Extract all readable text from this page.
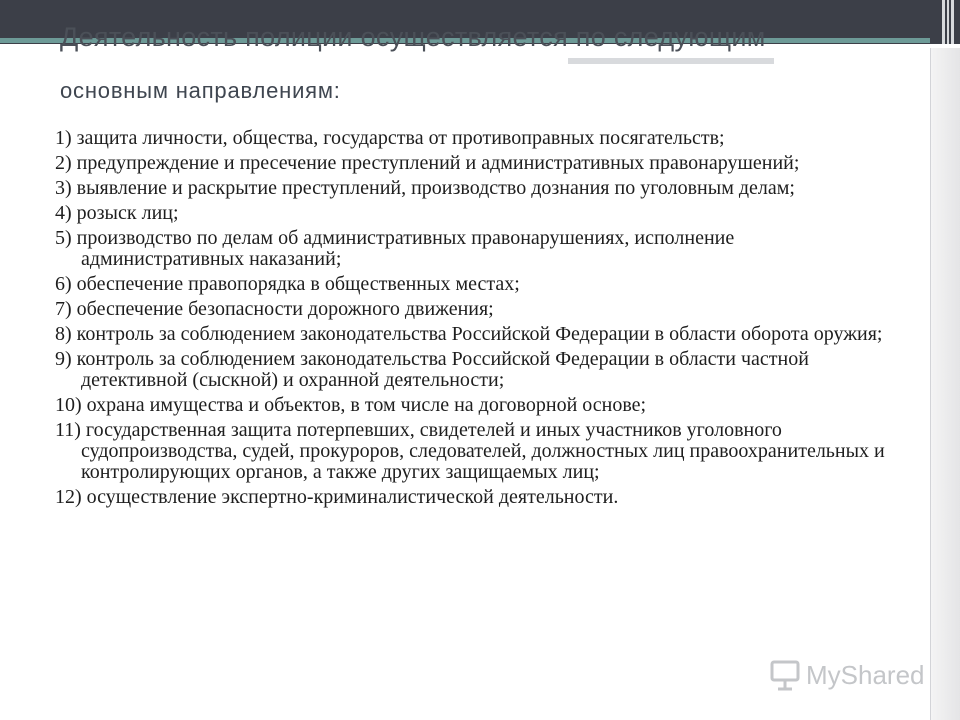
Деятельность полиции осуществляется по следующим
основным направлениям:
1) защита личности, общества, государства от противоправных посягательств;
2) предупреждение и пресечение преступлений и административных правонарушений;
3) выявление и раскрытие преступлений, производство дознания по уголовным делам;
4) розыск лиц;
5) производство по делам об административных правонарушениях, исполнение административных наказаний;
6) обеспечение правопорядка в общественных местах;
7) обеспечение безопасности дорожного движения;
8) контроль за соблюдением законодательства Российской Федерации в области оборота оружия;
9) контроль за соблюдением законодательства Российской Федерации в области частной детективной (сыскной) и охранной деятельности;
10) охрана имущества и объектов, в том числе на договорной основе;
11) государственная защита потерпевших, свидетелей и иных участников уголовного судопроизводства, судей, прокуроров, следователей, должностных лиц правоохранительных и контролирующих органов, а также других защищаемых лиц;
12) осуществление экспертно-криминалистической деятельности.
MyShared
